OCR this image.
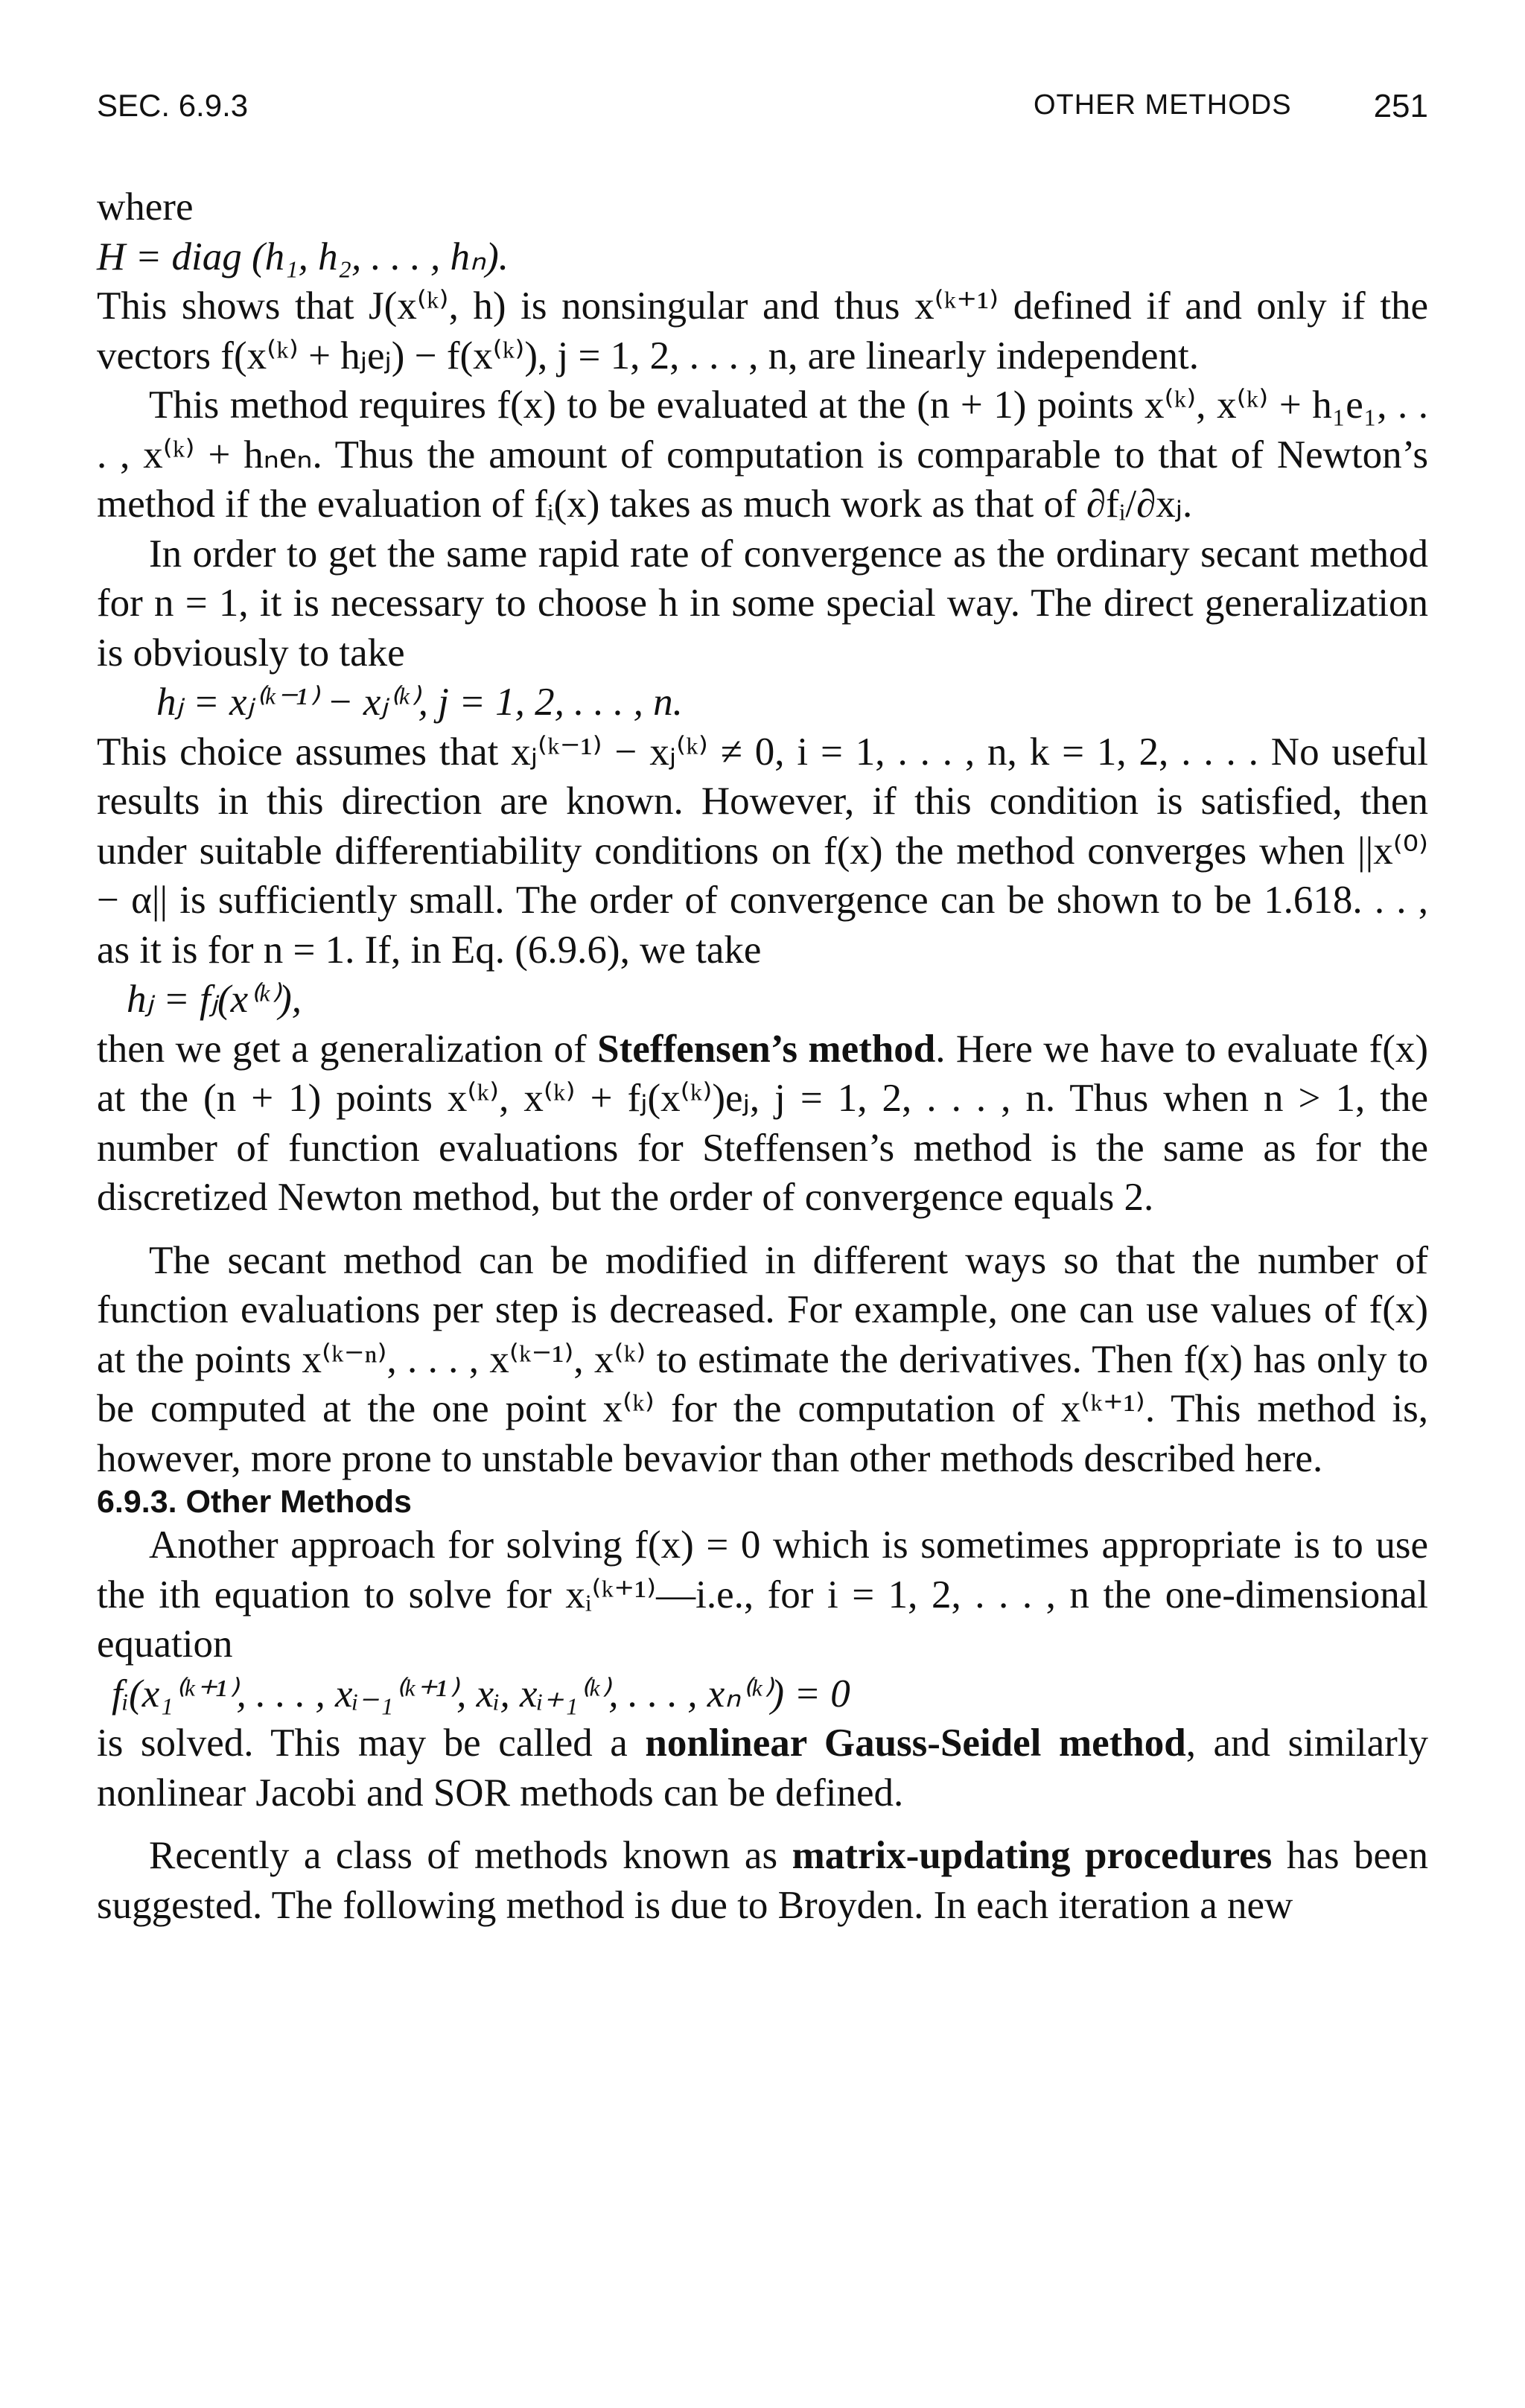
SEC. 6.9.3	OTHER METHODS	251

where

H = diag (h₁, h₂, . . . , hₙ).

This shows that J(x⁽ᵏ⁾, h) is nonsingular and thus x⁽ᵏ⁺¹⁾ defined if and only if the vectors f(x⁽ᵏ⁾ + hⱼeⱼ) − f(x⁽ᵏ⁾), j = 1, 2, . . . , n, are linearly independent.

This method requires f(x) to be evaluated at the (n + 1) points x⁽ᵏ⁾, x⁽ᵏ⁾ + h₁e₁, . . . , x⁽ᵏ⁾ + hₙeₙ. Thus the amount of computation is comparable to that of Newton’s method if the evaluation of fᵢ(x) takes as much work as that of ∂fᵢ/∂xⱼ.

In order to get the same rapid rate of convergence as the ordinary secant method for n = 1, it is necessary to choose h in some special way. The direct generalization is obviously to take

hⱼ = xⱼ⁽ᵏ⁻¹⁾ − xⱼ⁽ᵏ⁾, j = 1, 2, . . . , n.

This choice assumes that xⱼ⁽ᵏ⁻¹⁾ − xⱼ⁽ᵏ⁾ ≠ 0, i = 1, . . . , n, k = 1, 2, . . . . No useful results in this direction are known. However, if this condition is satisfied, then under suitable differentiability conditions on f(x) the method converges when ||x⁽⁰⁾ − α|| is sufficiently small. The order of convergence can be shown to be 1.618. . . , as it is for n = 1. If, in Eq. (6.9.6), we take

hⱼ = fⱼ(x⁽ᵏ⁾),

then we get a generalization of Steffensen’s method. Here we have to evaluate f(x) at the (n + 1) points x⁽ᵏ⁾, x⁽ᵏ⁾ + fⱼ(x⁽ᵏ⁾)eⱼ, j = 1, 2, . . . , n. Thus when n > 1, the number of function evaluations for Steffensen’s method is the same as for the discretized Newton method, but the order of convergence equals 2.

The secant method can be modified in different ways so that the number of function evaluations per step is decreased. For example, one can use values of f(x) at the points x⁽ᵏ⁻ⁿ⁾, . . . , x⁽ᵏ⁻¹⁾, x⁽ᵏ⁾ to estimate the derivatives. Then f(x) has only to be computed at the one point x⁽ᵏ⁾ for the computation of x⁽ᵏ⁺¹⁾. This method is, however, more prone to unstable bevavior than other methods described here.

6.9.3. Other Methods

Another approach for solving f(x) = 0 which is sometimes appropriate is to use the ith equation to solve for xᵢ⁽ᵏ⁺¹⁾—i.e., for i = 1, 2, . . . , n the one-dimensional equation

fᵢ(x₁⁽ᵏ⁺¹⁾, . . . , xᵢ₋₁⁽ᵏ⁺¹⁾, xᵢ, xᵢ₊₁⁽ᵏ⁾, . . . , xₙ⁽ᵏ⁾) = 0

is solved. This may be called a nonlinear Gauss-Seidel method, and similarly nonlinear Jacobi and SOR methods can be defined.

Recently a class of methods known as matrix-updating procedures has been suggested. The following method is due to Broyden. In each iteration a new
